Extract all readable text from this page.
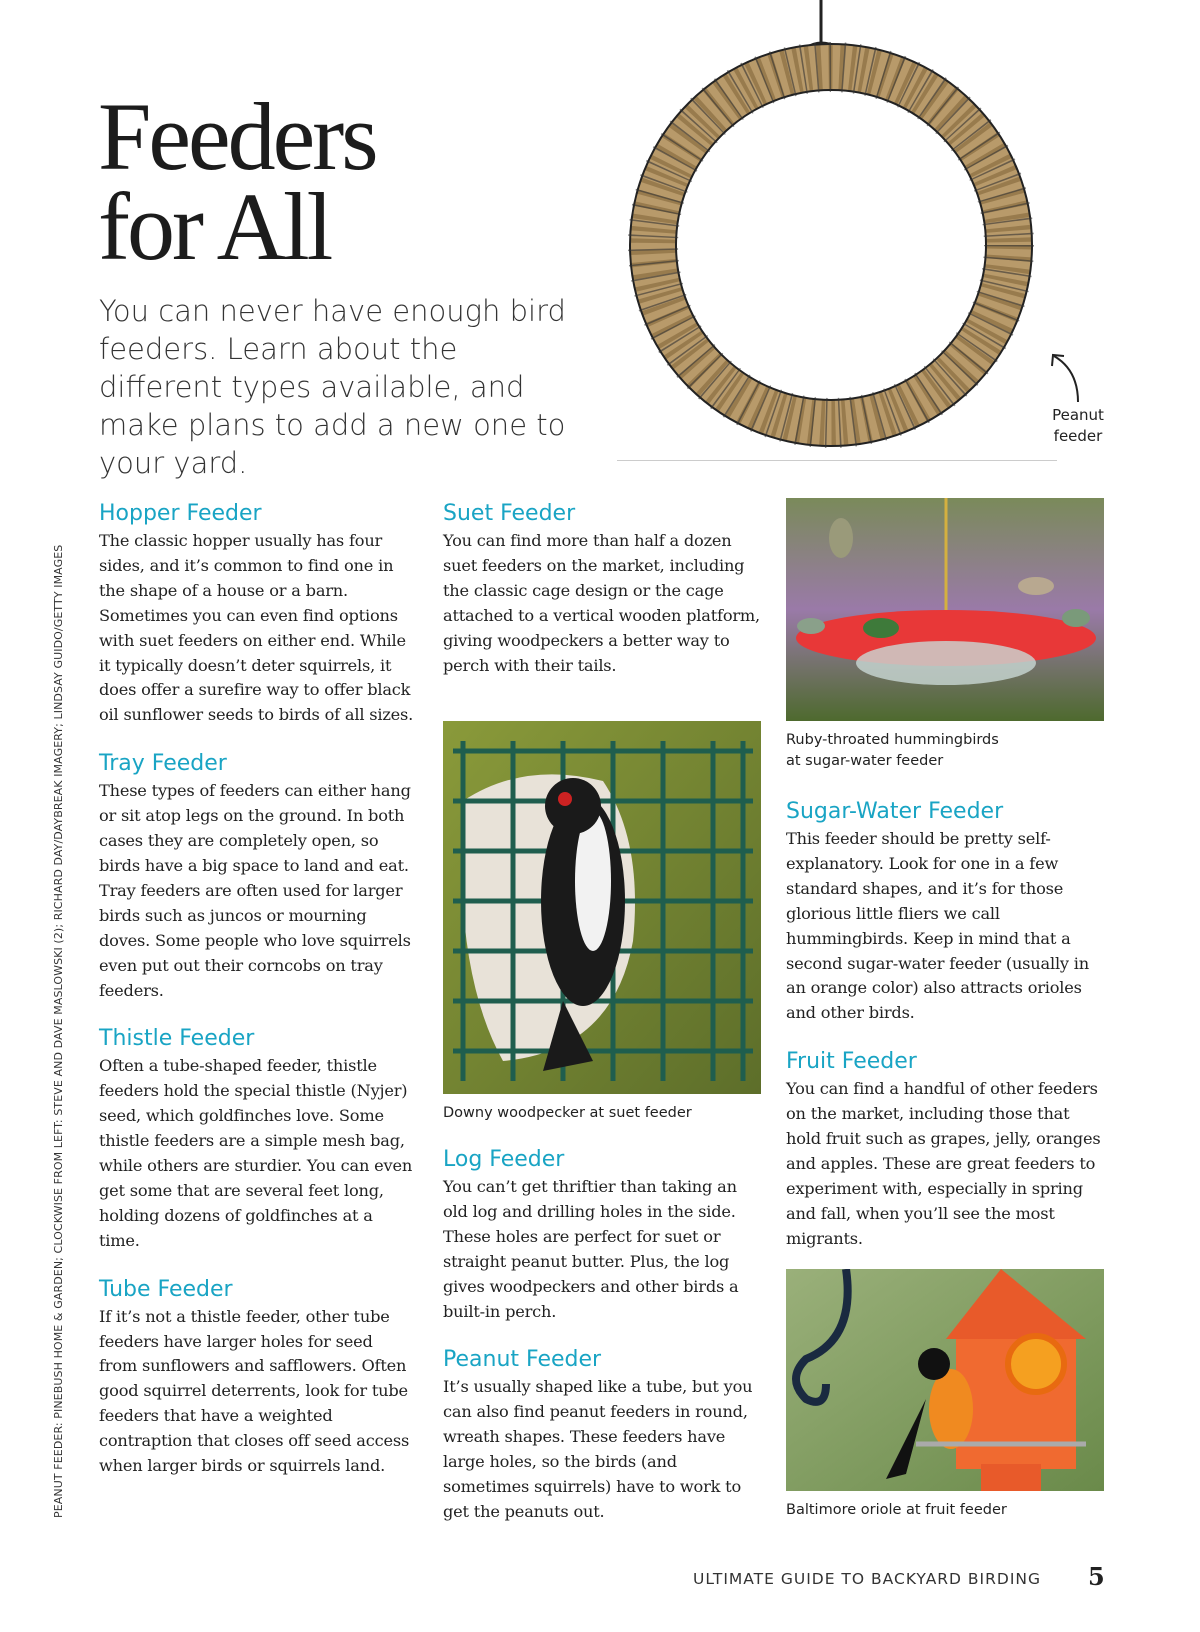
Feeders
for All
You can never have enough bird feeders. Learn about the different types available, and make plans to add a new one to your yard.
Peanut feeder
PEANUT FEEDER: PINEBUSH HOME & GARDEN; CLOCKWISE FROM LEFT: STEVE AND DAVE MASLOWSKI (2); RICHARD DAY/DAYBREAK IMAGERY; LINDSAY GUIDO/GETTY IMAGES
Hopper Feeder

The classic hopper usually has four sides, and it’s common to find one in the shape of a house or a barn. Sometimes you can even find options with suet feeders on either end. While it typically doesn’t deter squirrels, it does offer a surefire way to offer black oil sunflower seeds to birds of all sizes.

Tray Feeder

These types of feeders can either hang or sit atop legs on the ground. In both cases they are completely open, so birds have a big space to land and eat. Tray feeders are often used for larger birds such as juncos or mourning doves. Some people who love squirrels even put out their corncobs on tray feeders.

Thistle Feeder

Often a tube-shaped feeder, thistle feeders hold the special thistle (Nyjer) seed, which goldfinches love. Some thistle feeders are a simple mesh bag, while others are sturdier. You can even get some that are several feet long, holding dozens of goldfinches at a time.

Tube Feeder

If it’s not a thistle feeder, other tube feeders have larger holes for seed from sunflowers and safflowers. Often good squirrel deterrents, look for tube feeders that have a weighted contraption that closes off seed access when larger birds or squirrels land.

Suet Feeder

You can find more than half a dozen suet feeders on the market, including the classic cage design or the cage attached to a vertical wooden platform, giving woodpeckers a better way to perch with their tails.

Downy woodpecker at suet feeder
Log Feeder

You can’t get thriftier than taking an old log and drilling holes in the side. These holes are perfect for suet or straight peanut butter. Plus, the log gives woodpeckers and other birds a built-in perch.

Peanut Feeder

It’s usually shaped like a tube, but you can also find peanut feeders in round, wreath shapes. These feeders have large holes, so the birds (and sometimes squirrels) have to work to get the peanuts out.

Ruby-throated hummingbirds at sugar-water feeder
Sugar-Water Feeder

This feeder should be pretty self-explanatory. Look for one in a few standard shapes, and it’s for those glorious little fliers we call hummingbirds. Keep in mind that a second sugar-water feeder (usually in an orange color) also attracts orioles and other birds.

Fruit Feeder

You can find a handful of other feeders on the market, including those that hold fruit such as grapes, jelly, oranges and apples. These are great feeders to experiment with, especially in spring and fall, when you’ll see the most migrants.

Baltimore oriole at fruit feeder
ULTIMATE GUIDE TO BACKYARD BIRDING 5
